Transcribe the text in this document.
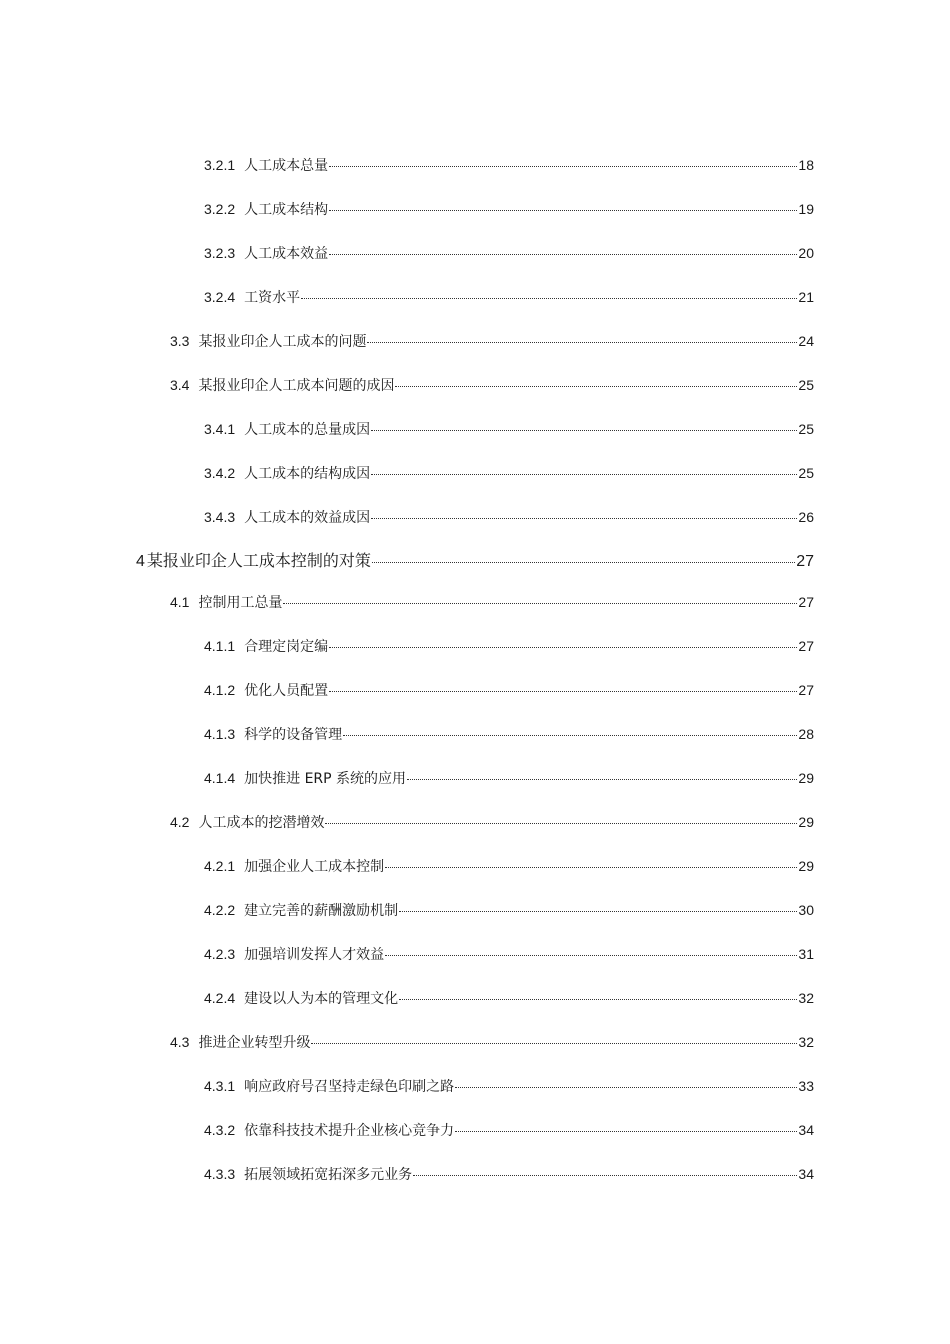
3.2.1 人工成本总量	18
3.2.2 人工成本结构	19
3.2.3 人工成本效益	20
3.2.4 工资水平	21
3.3 某报业印企人工成本的问题	24
3.4 某报业印企人工成本问题的成因	25
3.4.1 人工成本的总量成因	25
3.4.2 人工成本的结构成因	25
3.4.3 人工成本的效益成因	26
4 某报业印企人工成本控制的对策	27
4.1 控制用工总量	27
4.1.1 合理定岗定编	27
4.1.2 优化人员配置	27
4.1.3 科学的设备管理	28
4.1.4 加快推进 ERP 系统的应用	29
4.2 人工成本的挖潜增效	29
4.2.1 加强企业人工成本控制	29
4.2.2 建立完善的薪酬激励机制	30
4.2.3 加强培训发挥人才效益	31
4.2.4 建设以人为本的管理文化	32
4.3 推进企业转型升级	32
4.3.1 响应政府号召坚持走绿色印刷之路	33
4.3.2 依靠科技技术提升企业核心竞争力	34
4.3.3 拓展领域拓宽拓深多元业务	34
